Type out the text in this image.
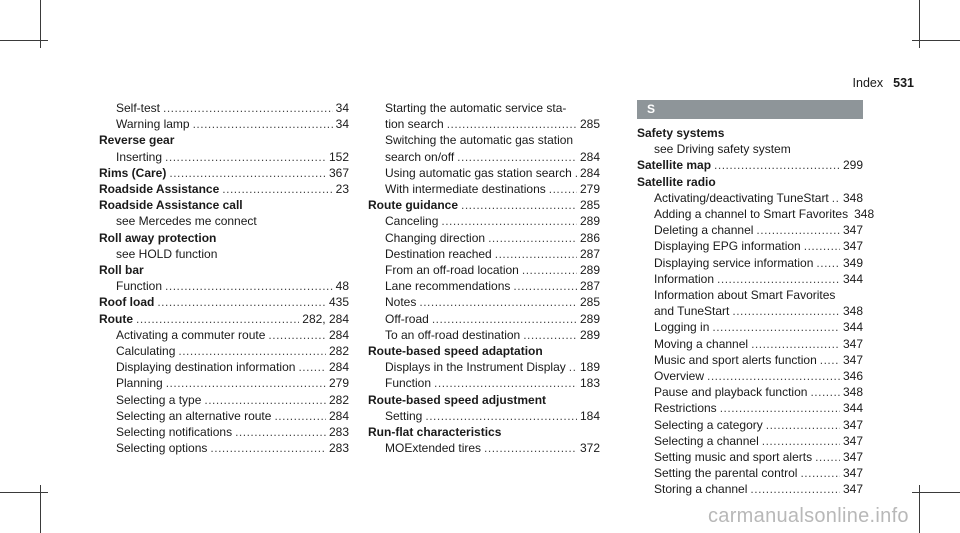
Index 531
Self-test .....	34
Warning lamp .....	34
Reverse gear
Inserting .....	152
Rims (Care) .....	367
Roadside Assistance .....	23
Roadside Assistance call
see Mercedes me connect
Roll away protection
see HOLD function
Roll bar
Function .....	48
Roof load .....	435
Route .....	282, 284
Activating a commuter route .....	284
Calculating .....	282
Displaying destination information .....	284
Planning .....	279
Selecting a type .....	282
Selecting an alternative route .....	284
Selecting notifications .....	283
Selecting options .....	283
Starting the automatic service sta-
tion search .....	285
Switching the automatic gas station
search on/off .....	284
Using automatic gas station search ..... 284
With intermediate destinations .....	279
Route guidance .....	285
Canceling .....	289
Changing direction .....	286
Destination reached .....	287
From an off-road location .....	289
Lane recommendations .....	287
Notes .....	285
Off-road .....	289
To an off-road destination .....	289
Route-based speed adaptation
Displays in the Instrument Display ..... 189
Function .....	183
Route-based speed adjustment
Setting .....	184
Run-flat characteristics
MOExtended tires .....	372
S
Safety systems
see Driving safety system
Satellite map .....	299
Satellite radio
Activating/deactivating TuneStart ..... 348
Adding a channel to Smart Favorites 348
Deleting a channel .....	347
Displaying EPG information .....	347
Displaying service information ..... 349
Information .....	344
Information about Smart Favorites
and TuneStart .....	348
Logging in .....	344
Moving a channel .....	347
Music and sport alerts function ..... 347
Overview .....	346
Pause and playback function .....	348
Restrictions .....	344
Selecting a category .....	347
Selecting a channel .....	347
Setting music and sport alerts .....	347
Setting the parental control .....	347
Storing a channel .....	347
carmanualsonline.info
